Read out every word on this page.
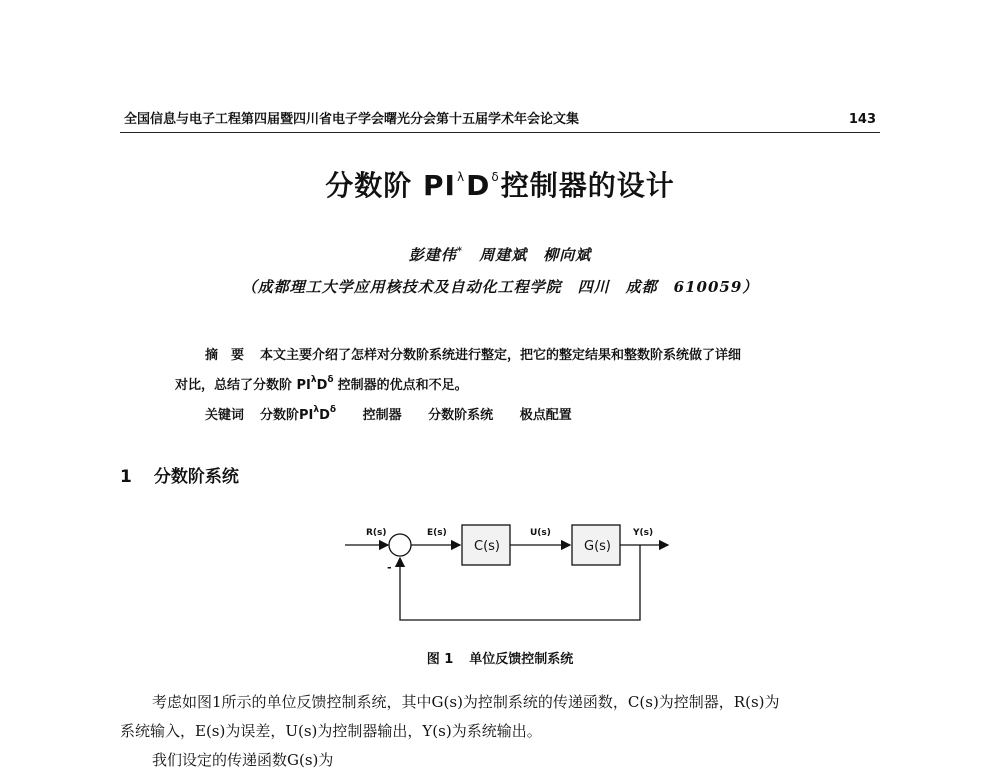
全国信息与电子工程第四届暨四川省电子学会曙光分会第十五届学术年会论文集	143
分数阶 $PI^\lambda D^\delta$控制器的设计
彭建伟* 周建斌　柳向斌
（成都理工大学应用核技术及自动化工程学院　四川　成都　610059）
摘　要 本文主要介绍了怎样对分数阶系统进行整定，把它的整定结果和整数阶系统做了详细
对比，总结了分数阶 $PI^\lambda D^\delta$ 控制器的优点和不足。
关键词 分数阶$PI^\lambda D^\delta$ 控制器 分数阶系统 极点配置
1 分数阶系统
R(s)	E(s)
C(s)
U(s)
G(s)
Y(s)
-
图 1 单位反馈控制系统
考虑如图1所示的单位反馈控制系统，其中G(s)为控制系统的传递函数，C(s)为控制器，R(s)为
系统输入，E(s)为误差，U(s)为控制器输出，Y(s)为系统输出。
我们设定的传递函数G(s)为
